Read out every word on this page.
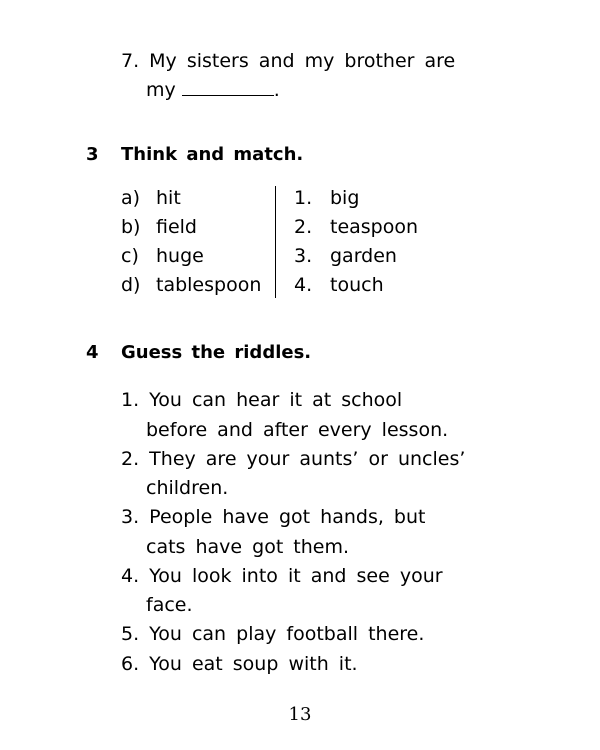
7. My sisters and my brother are
my	.
3 Think and match.
a) hit
b) field
c) huge
d) tablespoon
1. big
2. teaspoon
3. garden
4. touch
4 Guess the riddles.
1. You can hear it at school
before and after every lesson.
2. They are your aunts’ or uncles’
children.
3. People have got hands, but
cats have got them.
4. You look into it and see your
face.
5. You can play football there.
6. You eat soup with it.
13
